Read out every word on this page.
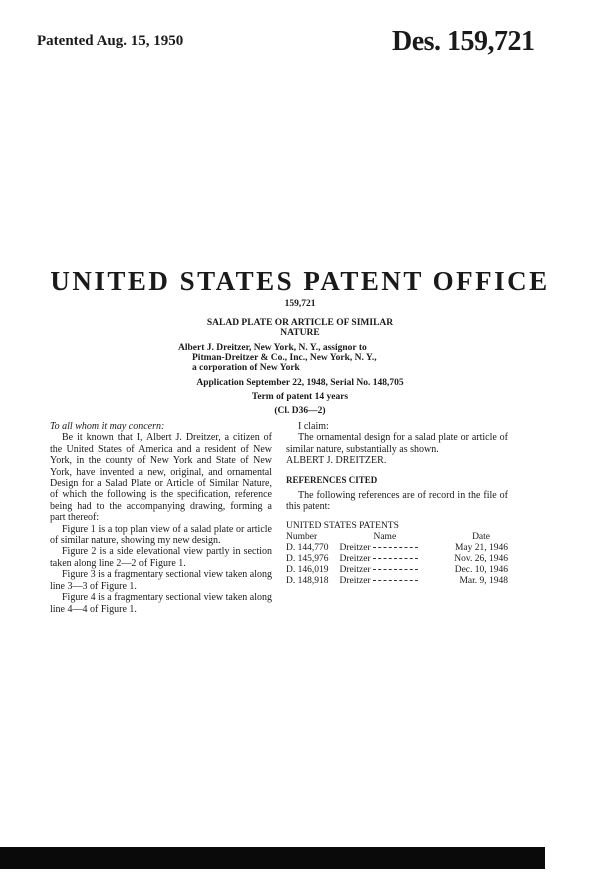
Patented Aug. 15, 1950	Des. 159,721
UNITED STATES PATENT OFFICE
159,721
SALAD PLATE OR ARTICLE OF SIMILAR
NATURE
Albert J. Dreitzer, New York, N. Y., assignor to
Pitman-Dreitzer & Co., Inc., New York, N. Y.,
a corporation of New York
Application September 22, 1948, Serial No. 148,705
Term of patent 14 years
(Cl. D36—2)

To all whom it may concern:

Be it known that I, Albert J. Dreitzer, a citizen of the United States of America and a resident of New York, in the county of New York and State of New York, have invented a new, original, and ornamental Design for a Salad Plate or Article of Similar Nature, of which the following is the specification, reference being had to the accompanying drawing, forming a part thereof:

Figure 1 is a top plan view of a salad plate or article of similar nature, showing my new design.

Figure 2 is a side elevational view partly in section taken along line 2—2 of Figure 1.

Figure 3 is a fragmentary sectional view taken along line 3—3 of Figure 1.

Figure 4 is a fragmentary sectional view taken along line 4—4 of Figure 1.

I claim:

The ornamental design for a salad plate or article of similar nature, substantially as shown.

ALBERT J. DREITZER.

REFERENCES CITED

The following references are of record in the file of this patent:

UNITED STATES PATENTS

Number	Name	Date
D. 144,770	Dreitzer	May 21, 1946
D. 145,976	Dreitzer	Nov. 26, 1946
D. 146,019	Dreitzer	Dec. 10, 1946
D. 148,918	Dreitzer	Mar. 9, 1948
